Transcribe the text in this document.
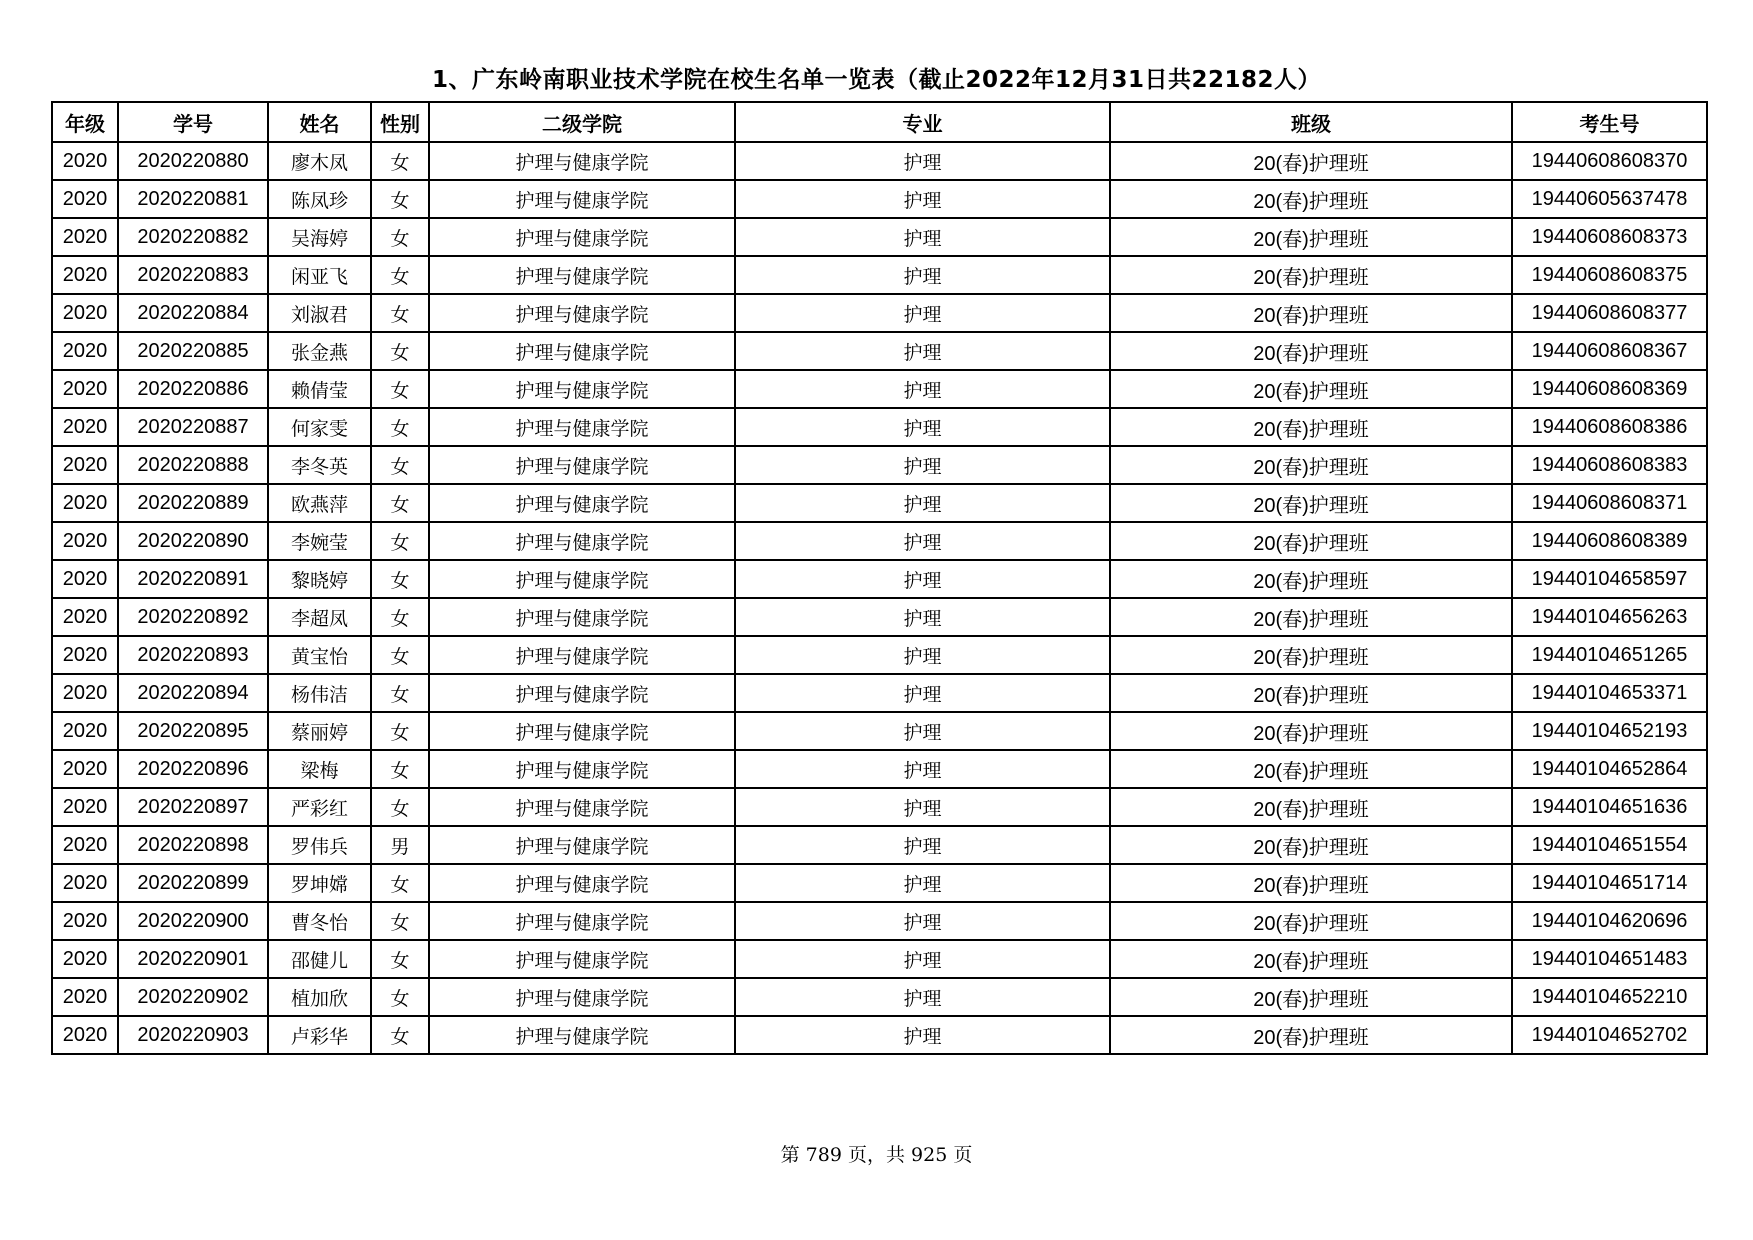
1、广东岭南职业技术学院在校生名单一览表（截止2022年12月31日共22182人）
年级	学号	姓名	性别	二级学院	专业	班级	考生号
2020	2020220880	廖木凤	女	护理与健康学院	护理	20(春)护理班	19440608608370
2020	2020220881	陈凤珍	女	护理与健康学院	护理	20(春)护理班	19440605637478
2020	2020220882	吴海婷	女	护理与健康学院	护理	20(春)护理班	19440608608373
2020	2020220883	闲亚飞	女	护理与健康学院	护理	20(春)护理班	19440608608375
2020	2020220884	刘淑君	女	护理与健康学院	护理	20(春)护理班	19440608608377
2020	2020220885	张金燕	女	护理与健康学院	护理	20(春)护理班	19440608608367
2020	2020220886	赖倩莹	女	护理与健康学院	护理	20(春)护理班	19440608608369
2020	2020220887	何家雯	女	护理与健康学院	护理	20(春)护理班	19440608608386
2020	2020220888	李冬英	女	护理与健康学院	护理	20(春)护理班	19440608608383
2020	2020220889	欧燕萍	女	护理与健康学院	护理	20(春)护理班	19440608608371
2020	2020220890	李婉莹	女	护理与健康学院	护理	20(春)护理班	19440608608389
2020	2020220891	黎晓婷	女	护理与健康学院	护理	20(春)护理班	19440104658597
2020	2020220892	李超凤	女	护理与健康学院	护理	20(春)护理班	19440104656263
2020	2020220893	黄宝怡	女	护理与健康学院	护理	20(春)护理班	19440104651265
2020	2020220894	杨伟洁	女	护理与健康学院	护理	20(春)护理班	19440104653371
2020	2020220895	蔡丽婷	女	护理与健康学院	护理	20(春)护理班	19440104652193
2020	2020220896	梁梅	女	护理与健康学院	护理	20(春)护理班	19440104652864
2020	2020220897	严彩红	女	护理与健康学院	护理	20(春)护理班	19440104651636
2020	2020220898	罗伟兵	男	护理与健康学院	护理	20(春)护理班	19440104651554
2020	2020220899	罗坤嫦	女	护理与健康学院	护理	20(春)护理班	19440104651714
2020	2020220900	曹冬怡	女	护理与健康学院	护理	20(春)护理班	19440104620696
2020	2020220901	邵健儿	女	护理与健康学院	护理	20(春)护理班	19440104651483
2020	2020220902	植加欣	女	护理与健康学院	护理	20(春)护理班	19440104652210
2020	2020220903	卢彩华	女	护理与健康学院	护理	20(春)护理班	19440104652702
第 789 页，共 925 页
